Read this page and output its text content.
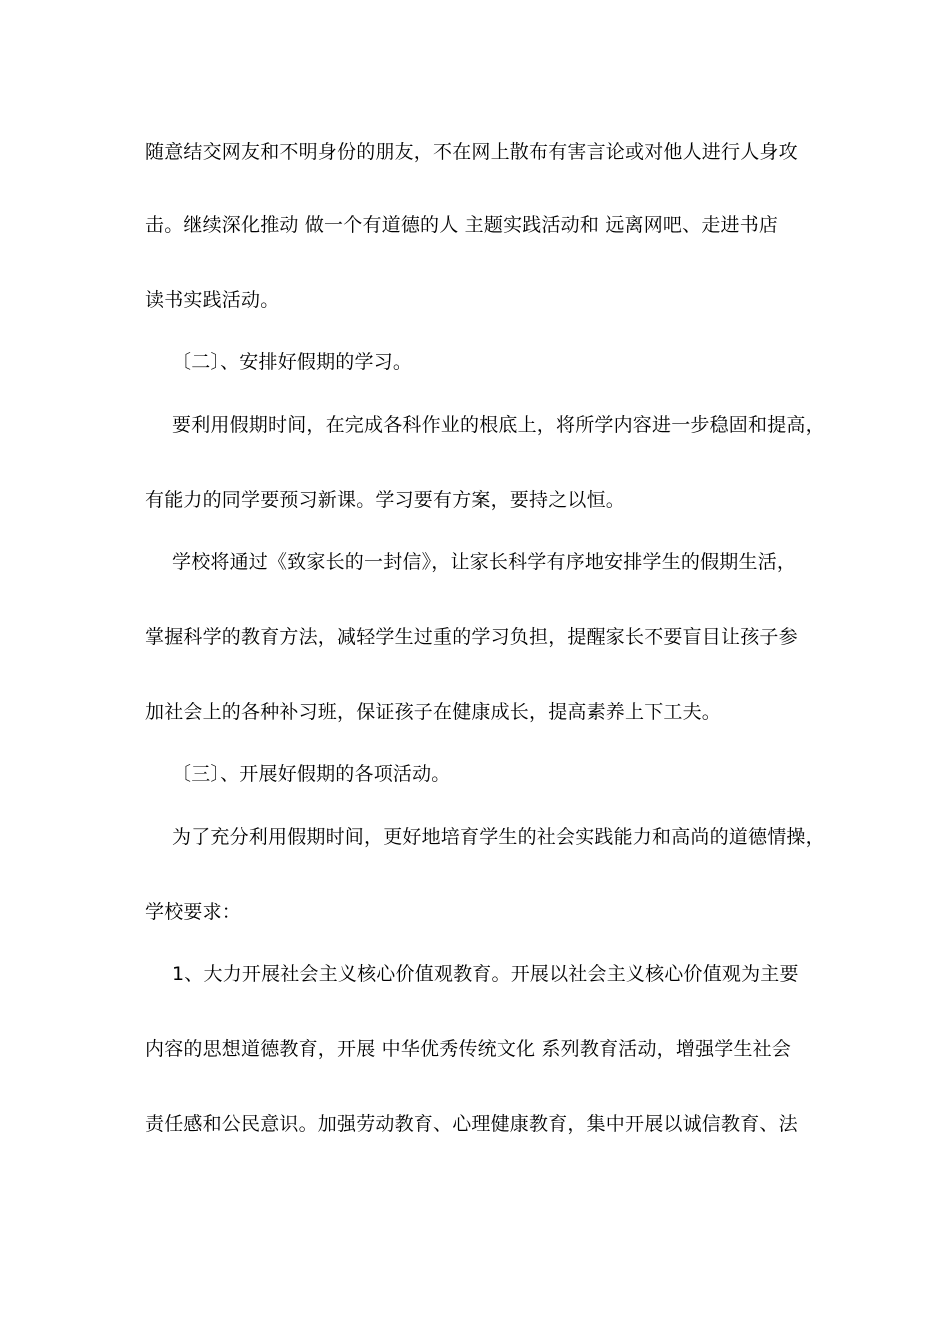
随意结交网友和不明身份的朋友，不在网上散布有害言论或对他人进行人身攻
击。继续深化推动 做一个有道德的人 主题实践活动和 远离网吧、走进书店
读书实践活动。
〔二〕、安排好假期的学习。
要利用假期时间，在完成各科作业的根底上，将所学内容进一步稳固和提高，
有能力的同学要预习新课。学习要有方案，要持之以恒。
学校将通过《致家长的一封信》，让家长科学有序地安排学生的假期生活，
掌握科学的教育方法，减轻学生过重的学习负担，提醒家长不要盲目让孩子参
加社会上的各种补习班，保证孩子在健康成长，提高素养上下工夫。
〔三〕、开展好假期的各项活动。
为了充分利用假期时间，更好地培育学生的社会实践能力和高尚的道德情操，
学校要求：
1、大力开展社会主义核心价值观教育。开展以社会主义核心价值观为主要
内容的思想道德教育，开展 中华优秀传统文化 系列教育活动，增强学生社会
责任感和公民意识。加强劳动教育、心理健康教育，集中开展以诚信教育、法
